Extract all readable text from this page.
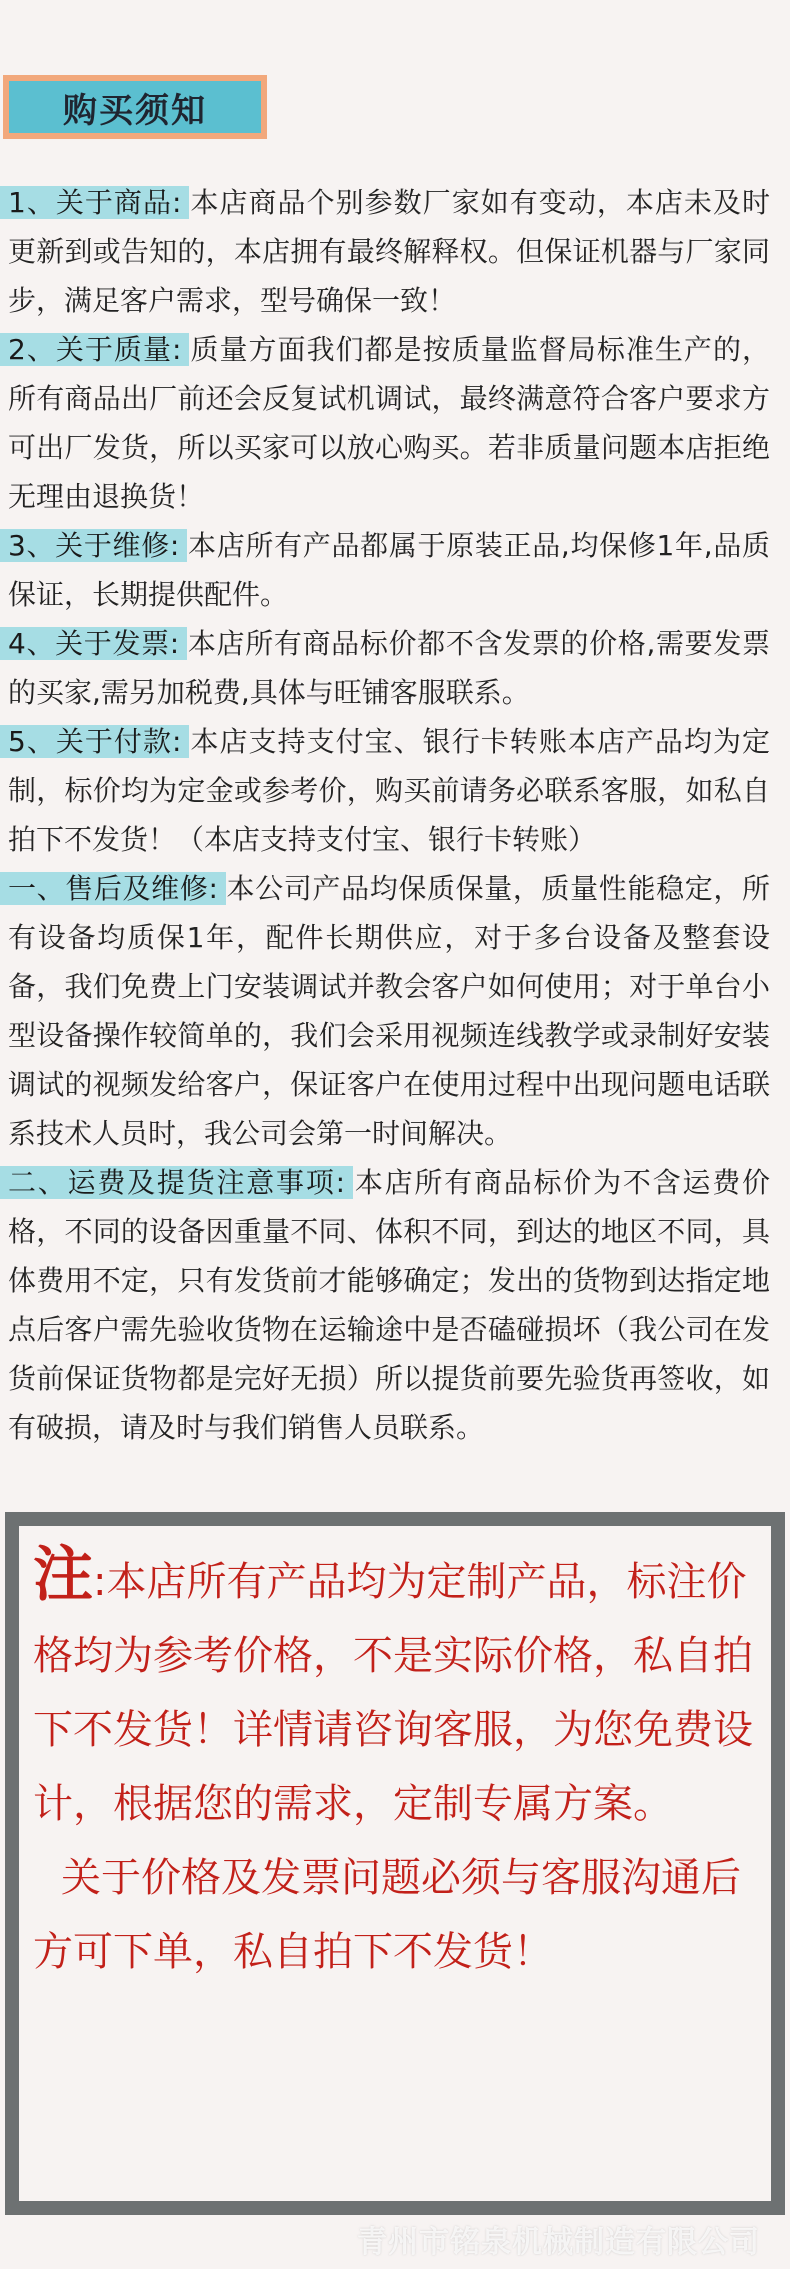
购买须知

1、关于商品: 本店商品个别参数厂家如有变动，本店未及时更新到或告知的，本店拥有最终解释权。但保证机器与厂家同步，满足客户需求，型号确保一致！

2、关于质量: 质量方面我们都是按质量监督局标准生产的，所有商品出厂前还会反复试机调试，最终满意符合客户要求方可出厂发货，所以买家可以放心购买。若非质量问题本店拒绝无理由退换货！

3、关于维修: 本店所有产品都属于原装正品,均保修1年,品质保证，长期提供配件。

4、关于发票: 本店所有商品标价都不含发票的价格,需要发票的买家,需另加税费,具体与旺铺客服联系。

5、关于付款: 本店支持支付宝、银行卡转账本店产品均为定制，标价均为定金或参考价，购买前请务必联系客服，如私自拍下不发货！（本店支持支付宝、银行卡转账）

一、售后及维修: 本公司产品均保质保量，质量性能稳定，所有设备均质保1年，配件长期供应，对于多台设备及整套设备，我们免费上门安装调试并教会客户如何使用；对于单台小型设备操作较简单的，我们会采用视频连线教学或录制好安装调试的视频发给客户，保证客户在使用过程中出现问题电话联系技术人员时，我公司会第一时间解决。

二、运费及提货注意事项: 本店所有商品标价为不含运费价格，不同的设备因重量不同、体积不同，到达的地区不同，具体费用不定，只有发货前才能够确定；发出的货物到达指定地点后客户需先验收货物在运输途中是否磕碰损坏（我公司在发货前保证货物都是完好无损）所以提货前要先验货再签收，如有破损，请及时与我们销售人员联系。

注:本店所有产品均为定制产品，标注价格均为参考价格，不是实际价格，私自拍下不发货！详情请咨询客服，为您免费设计，根据您的需求，定制专属方案。
关于价格及发票问题必须与客服沟通后方可下单，私自拍下不发货！
青州市铭泉机械制造有限公司
